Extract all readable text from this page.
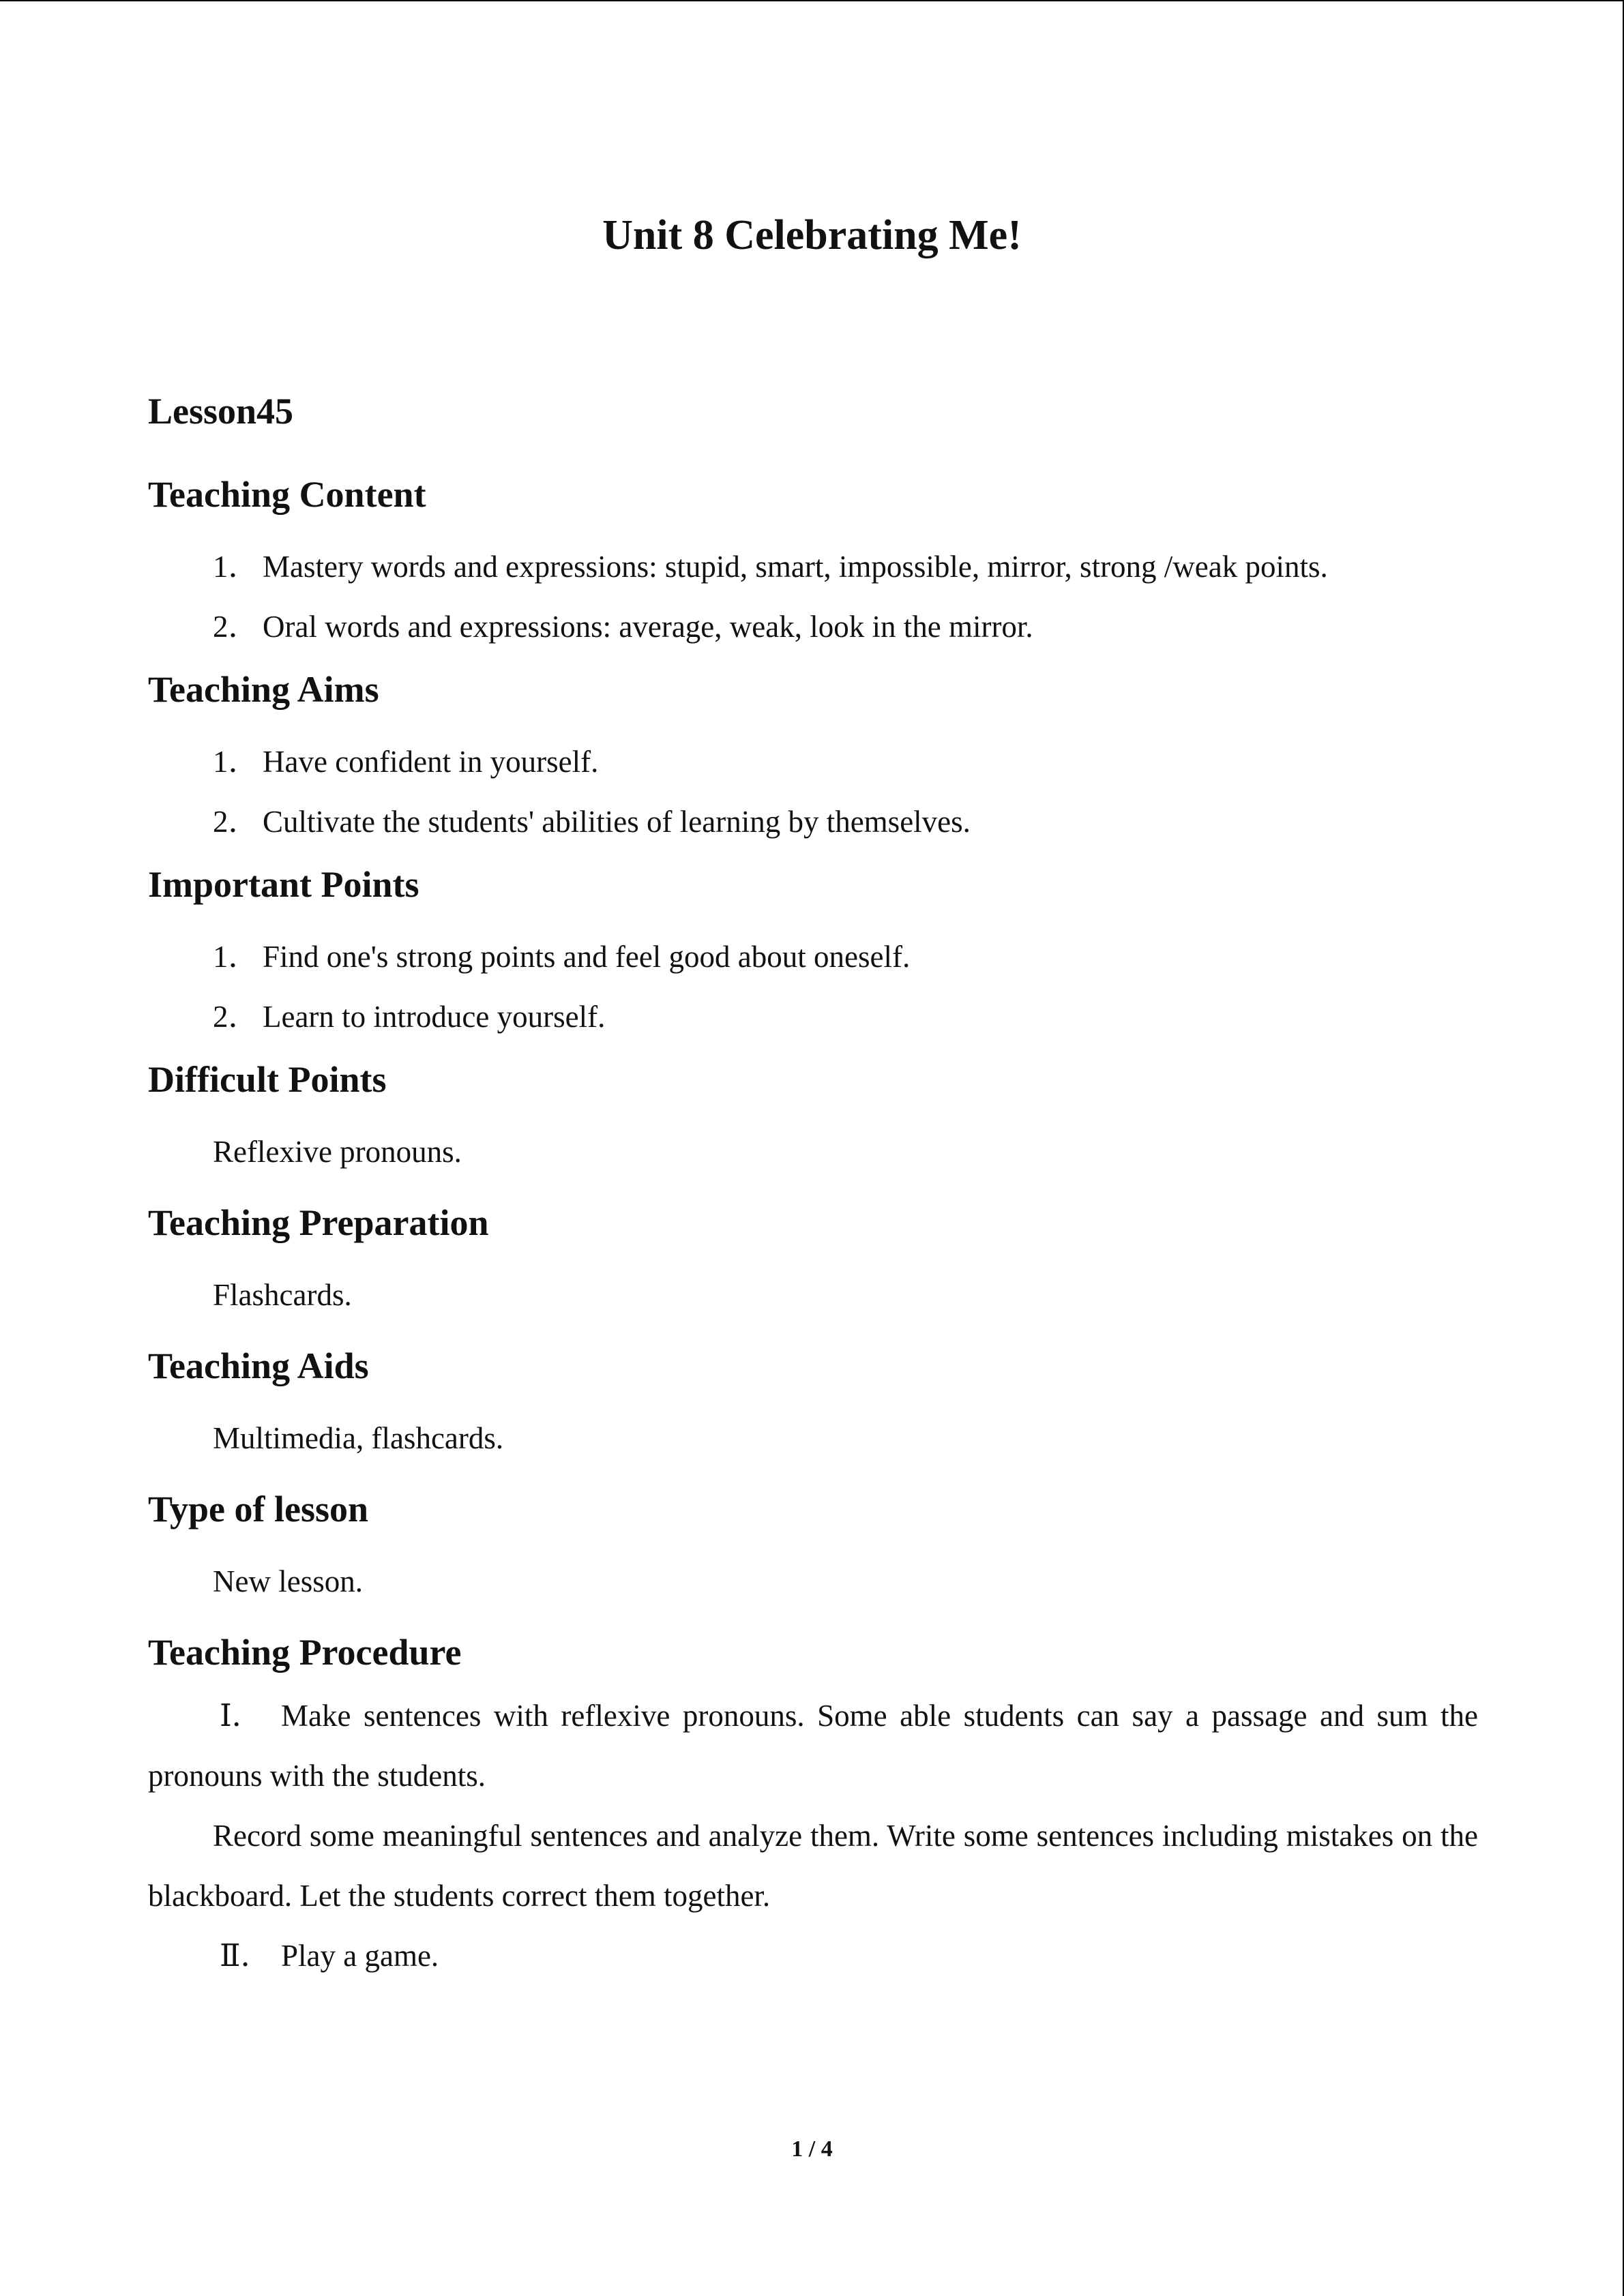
Unit 8 Celebrating Me!
Lesson45
Teaching Content
1． Mastery words and expressions: stupid, smart, impossible, mirror, strong /weak points.
2． Oral words and expressions: average, weak, look in the mirror.
Teaching Aims
1． Have confident in yourself.
2． Cultivate the students' abilities of learning by themselves.
Important Points
1． Find one's strong points and feel good about oneself.
2． Learn to introduce yourself.
Difficult Points

Reflexive pronouns.

Teaching Preparation

Flashcards.

Teaching Aids

Multimedia, flashcards.

Type of lesson

New lesson.

Teaching Procedure

Ⅰ． Make sentences with reflexive pronouns. Some able students can say a passage and sum the pronouns with the students.

Record some meaningful sentences and analyze them. Write some sentences including mistakes on the blackboard. Let the students correct them together.

Ⅱ． Play a game.

1 / 4
